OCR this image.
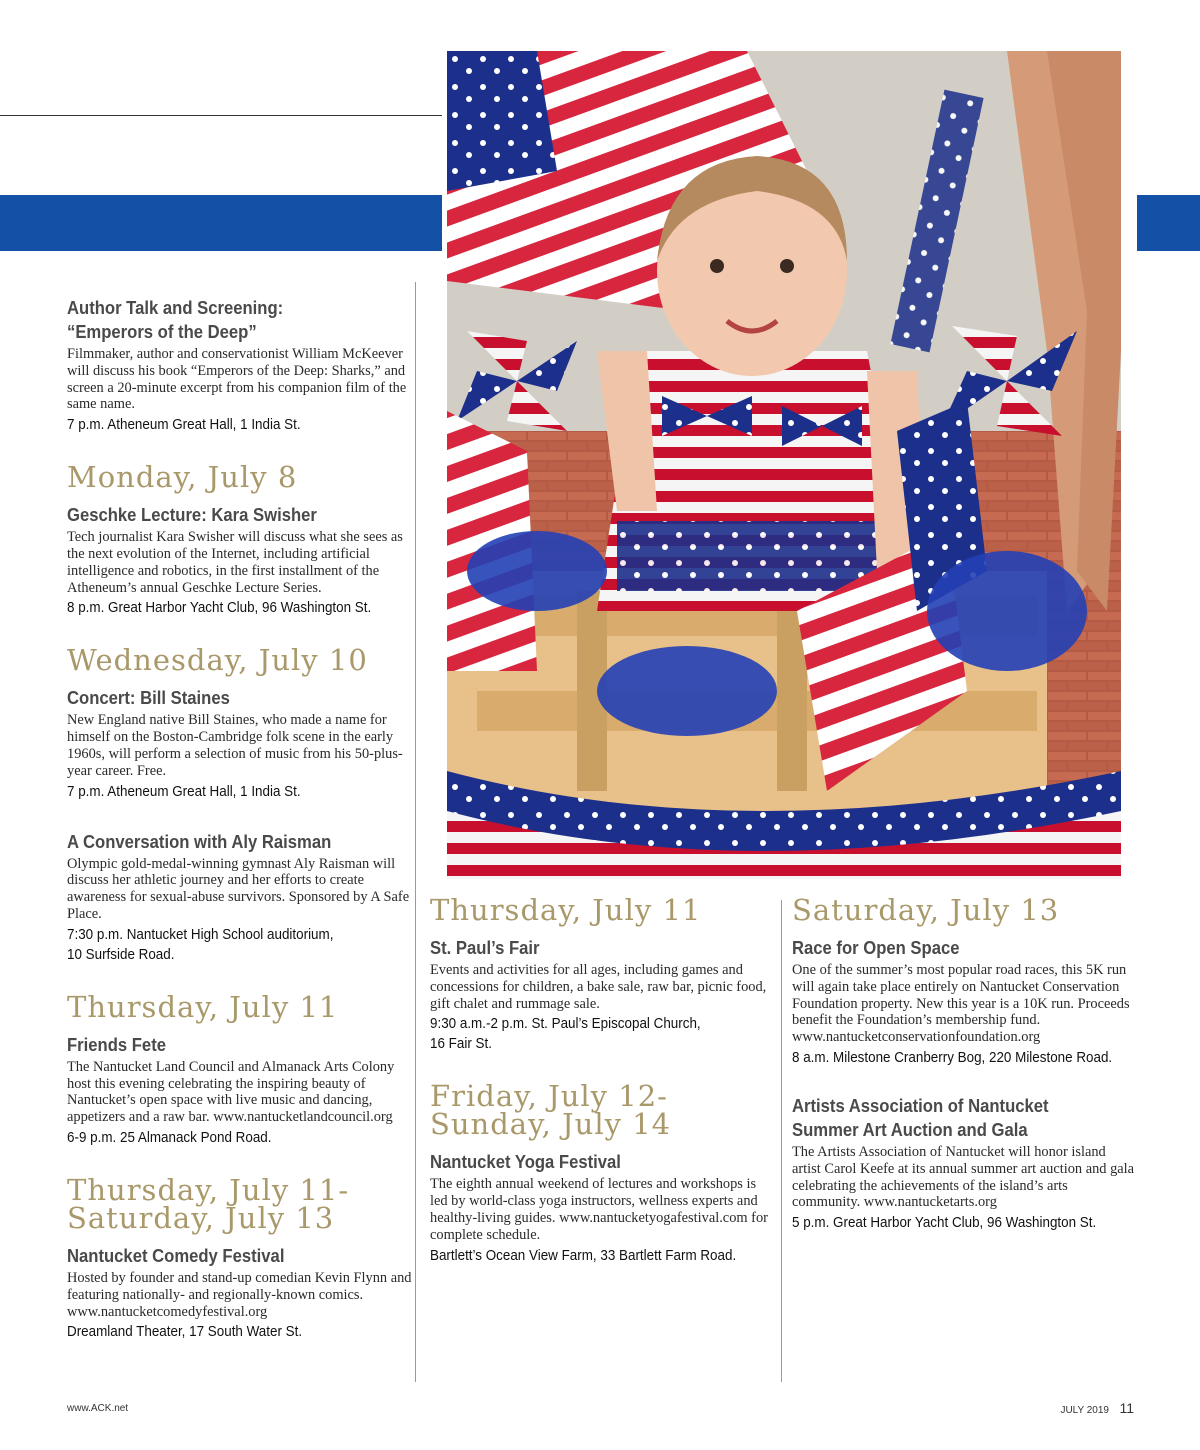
Author Talk and Screening:

“Emperors of the Deep”

Filmmaker, author and conservationist William McKeever will discuss his book “Emperors of the Deep: Sharks,” and screen a 20-minute excerpt from his companion film of the same name.

7 p.m. Atheneum Great Hall, 1 India St.

Monday, July 8

Geschke Lecture: Kara Swisher

Tech journalist Kara Swisher will discuss what she sees as the next evolution of the Internet, including artificial intelligence and robotics, in the first installment of the Atheneum’s annual Geschke Lecture Series.

8 p.m. Great Harbor Yacht Club, 96 Washington St.

Wednesday, July 10

Concert: Bill Staines

New England native Bill Staines, who made a name for himself on the Boston-Cambridge folk scene in the early 1960s, will perform a selection of music from his 50-plus-year career. Free.

7 p.m. Atheneum Great Hall, 1 India St.

A Conversation with Aly Raisman

Olympic gold-medal-winning gymnast Aly Raisman will discuss her athletic journey and her efforts to create awareness for sexual-abuse survivors. Sponsored by A Safe Place.

7:30 p.m. Nantucket High School auditorium,

10 Surfside Road.

Thursday, July 11

Friends Fete

The Nantucket Land Council and Almanack Arts Colony host this evening celebrating the inspiring beauty of Nantucket’s open space with live music and dancing, appetizers and a raw bar. www.nantucketlandcouncil.org

6-9 p.m. 25 Almanack Pond Road.

Thursday, July 11-
Saturday, July 13

Nantucket Comedy Festival

Hosted by founder and stand-up comedian Kevin Flynn and featuring nationally- and regionally-known comics. www.nantucketcomedyfestival.org

Dreamland Theater, 17 South Water St.

Thursday, July 11

St. Paul’s Fair

Events and activities for all ages, including games and concessions for children, a bake sale, raw bar, picnic food, gift chalet and rummage sale.

9:30 a.m.-2 p.m. St. Paul’s Episcopal Church,

16 Fair St.

Friday, July 12-
Sunday, July 14

Nantucket Yoga Festival

The eighth annual weekend of lectures and workshops is led by world-class yoga instructors, wellness experts and healthy-living guides. www.nantucketyogafestival.com for complete schedule.

Bartlett’s Ocean View Farm, 33 Bartlett Farm Road.

Saturday, July 13

Race for Open Space

One of the summer’s most popular road races, this 5K run will again take place entirely on Nantucket Conservation Foundation property. New this year is a 10K run. Proceeds benefit the Foundation’s membership fund. www.nantucketconservationfoundation.org

8 a.m. Milestone Cranberry Bog, 220 Milestone Road.

Artists Association of Nantucket

Summer Art Auction and Gala

The Artists Association of Nantucket will honor island artist Carol Keefe at its annual summer art auction and gala celebrating the achievements of the island’s arts community. www.nantucketarts.org

5 p.m. Great Harbor Yacht Club, 96 Washington St.

www.ACK.net	JULY 2019 11
